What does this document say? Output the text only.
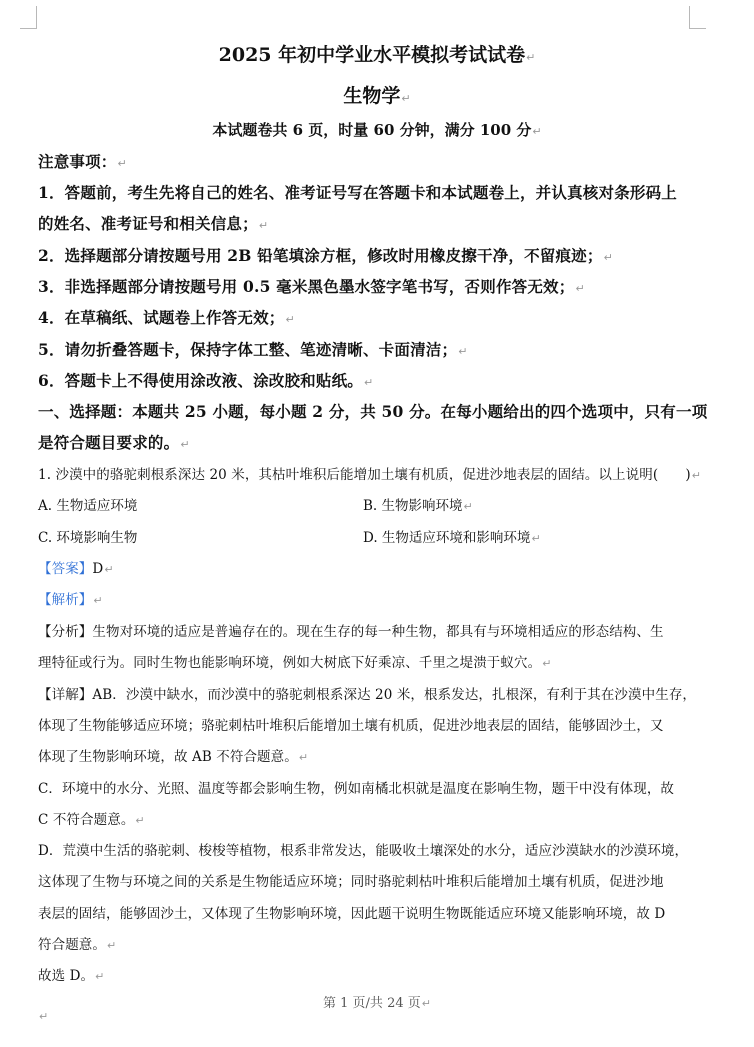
2025 年初中学业水平模拟考试试卷↵
生物学↵
本试题卷共 6 页，时量 60 分钟，满分 100 分↵
注意事项：↵
1．答题前，考生先将自己的姓名、准考证号写在答题卡和本试题卷上，并认真核对条形码上
的姓名、准考证号和相关信息；↵
2．选择题部分请按题号用 2B 铅笔填涂方框，修改时用橡皮擦干净，不留痕迹；↵
3．非选择题部分请按题号用 0.5 毫米黑色墨水签字笔书写，否则作答无效；↵
4．在草稿纸、试题卷上作答无效；↵
5．请勿折叠答题卡，保持字体工整、笔迹清晰、卡面清洁；↵
6．答题卡上不得使用涂改液、涂改胶和贴纸。↵
一、选择题：本题共 25 小题，每小题 2 分，共 50 分。在每小题给出的四个选项中，只有一项
是符合题目要求的。↵
1. 沙漠中的骆驼刺根系深达 20 米，其枯叶堆积后能增加土壤有机质，促进沙地表层的固结。以上说明(　　)↵
A. 生物适应环境	B. 生物影响环境↵
C. 环境影响生物	D. 生物适应环境和影响环境↵
【答案】D↵
【解析】↵
【分析】生物对环境的适应是普遍存在的。现在生存的每一种生物，都具有与环境相适应的形态结构、生
理特征或行为。同时生物也能影响环境，例如大树底下好乘凉、千里之堤溃于蚁穴。↵
【详解】AB．沙漠中缺水，而沙漠中的骆驼刺根系深达 20 米，根系发达，扎根深，有利于其在沙漠中生存，
体现了生物能够适应环境；骆驼刺枯叶堆积后能增加土壤有机质，促进沙地表层的固结，能够固沙土，又
体现了生物影响环境，故 AB 不符合题意。↵
C．环境中的水分、光照、温度等都会影响生物，例如南橘北枳就是温度在影响生物，题干中没有体现，故
C 不符合题意。↵
D．荒漠中生活的骆驼刺、梭梭等植物，根系非常发达，能吸收土壤深处的水分，适应沙漠缺水的沙漠环境，
这体现了生物与环境之间的关系是生物能适应环境；同时骆驼刺枯叶堆积后能增加土壤有机质，促进沙地
表层的固结，能够固沙土，又体现了生物影响环境，因此题干说明生物既能适应环境又能影响环境，故 D
符合题意。↵
故选 D。↵
第 1 页/共 24 页↵
↵
